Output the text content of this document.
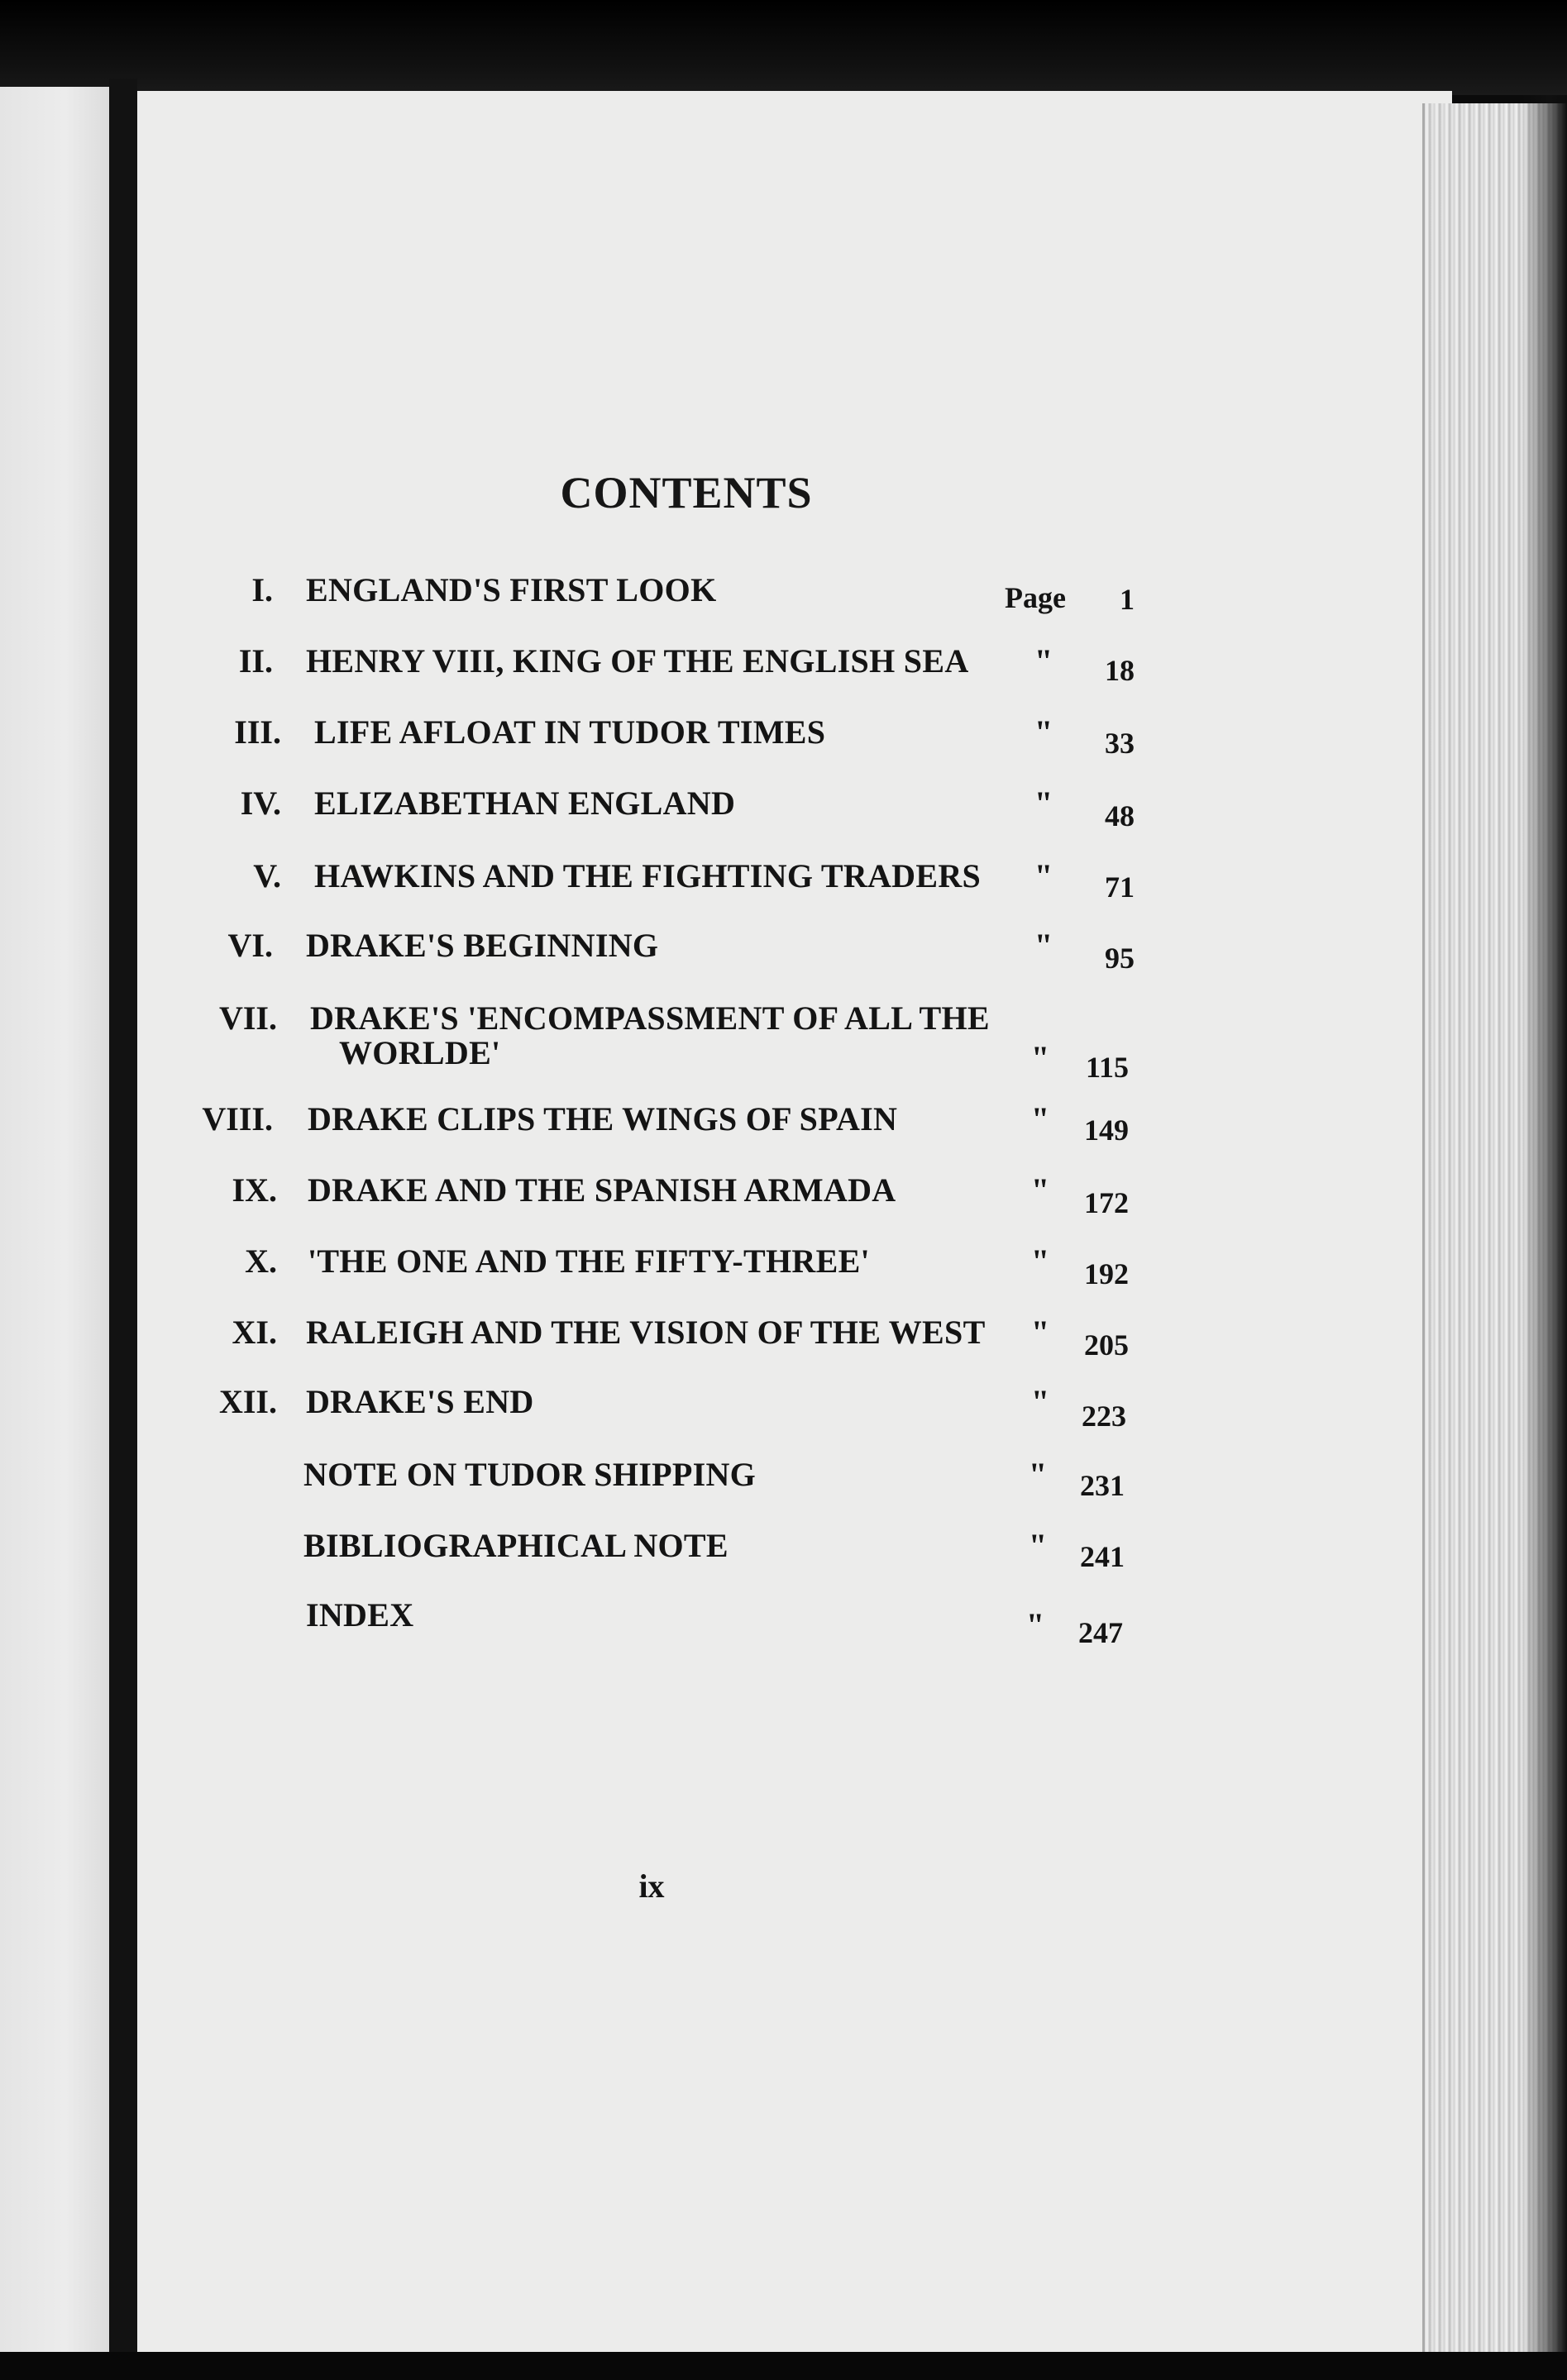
CONTENTS
I. ENGLAND'S FIRST LOOK	Page	1
II. HENRY VIII, KING OF THE ENGLISH SEA "	18
III. LIFE AFLOAT IN TUDOR TIMES	"	33
IV. ELIZABETHAN ENGLAND	"	48
V. HAWKINS AND THE FIGHTING TRADERS "	71
VI. DRAKE'S BEGINNING	"	95
VII. DRAKE'S 'ENCOMPASSMENT OF ALL THE
WORLDE'	"	115
VIII. DRAKE CLIPS THE WINGS OF SPAIN	"	149
IX. DRAKE AND THE SPANISH ARMADA	"	172
X. 'THE ONE AND THE FIFTY-THREE'	"	192
XI. RALEIGH AND THE VISION OF THE WEST "	205
XII. DRAKE'S END	"	223
NOTE ON TUDOR SHIPPING	"	231
BIBLIOGRAPHICAL NOTE	"	241
INDEX	"	247
ix
